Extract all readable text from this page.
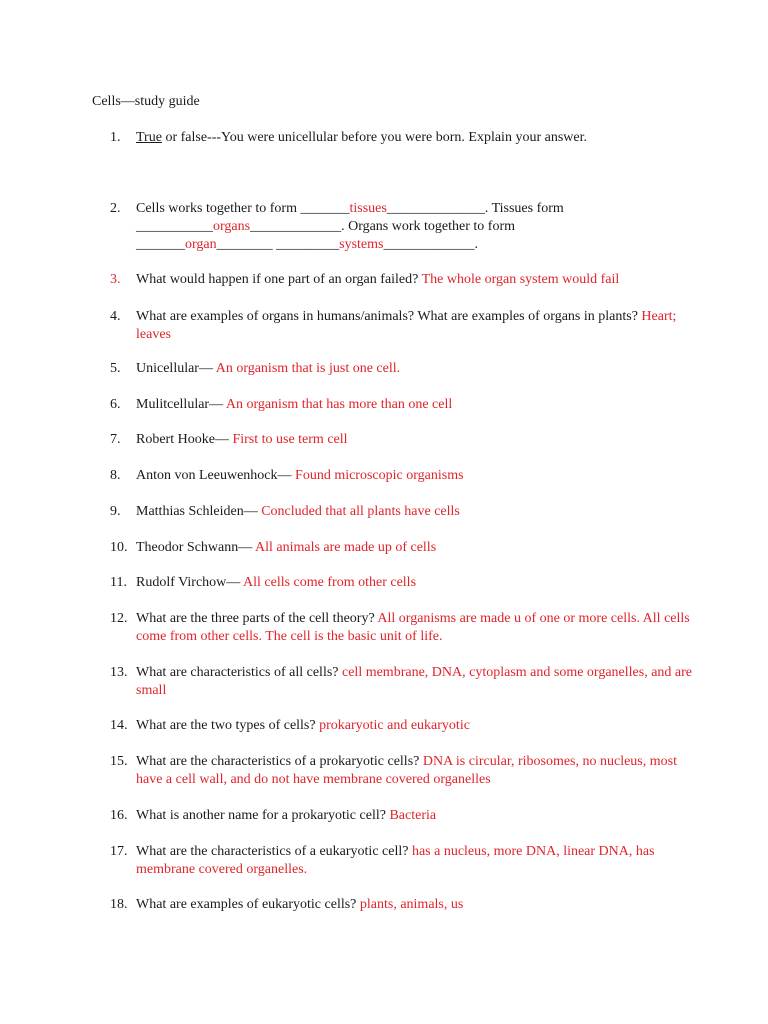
Cells—study guide
1.	True or false---You were unicellular before you were born. Explain your answer.
2.	Cells works together to form _______tissues______________. Tissues form
___________organs_____________. Organs work together to form
_______organ________ _________systems_____________.
3.	What would happen if one part of an organ failed? The whole organ system would fail
4.	What are examples of organs in humans/animals? What are examples of organs in plants? Heart; leaves
5.	Unicellular— An organism that is just one cell.
6.	Mulitcellular— An organism that has more than one cell
7.	Robert Hooke— First to use term cell
8.	Anton von Leeuwenhock— Found microscopic organisms
9.	Matthias Schleiden— Concluded that all plants have cells
10. Theodor Schwann— All animals are made up of cells
11. Rudolf Virchow— All cells come from other cells
12. What are the three parts of the cell theory? All organisms are made u of one or more cells. All cells come from other cells. The cell is the basic unit of life.
13. What are characteristics of all cells? cell membrane, DNA, cytoplasm and some organelles, and are small
14. What are the two types of cells? prokaryotic and eukaryotic
15. What are the characteristics of a prokaryotic cells? DNA is circular, ribosomes, no nucleus, most have a cell wall, and do not have membrane covered organelles
16. What is another name for a prokaryotic cell? Bacteria
17. What are the characteristics of a eukaryotic cell? has a nucleus, more DNA, linear DNA, has membrane covered organelles.
18. What are examples of eukaryotic cells? plants, animals, us
